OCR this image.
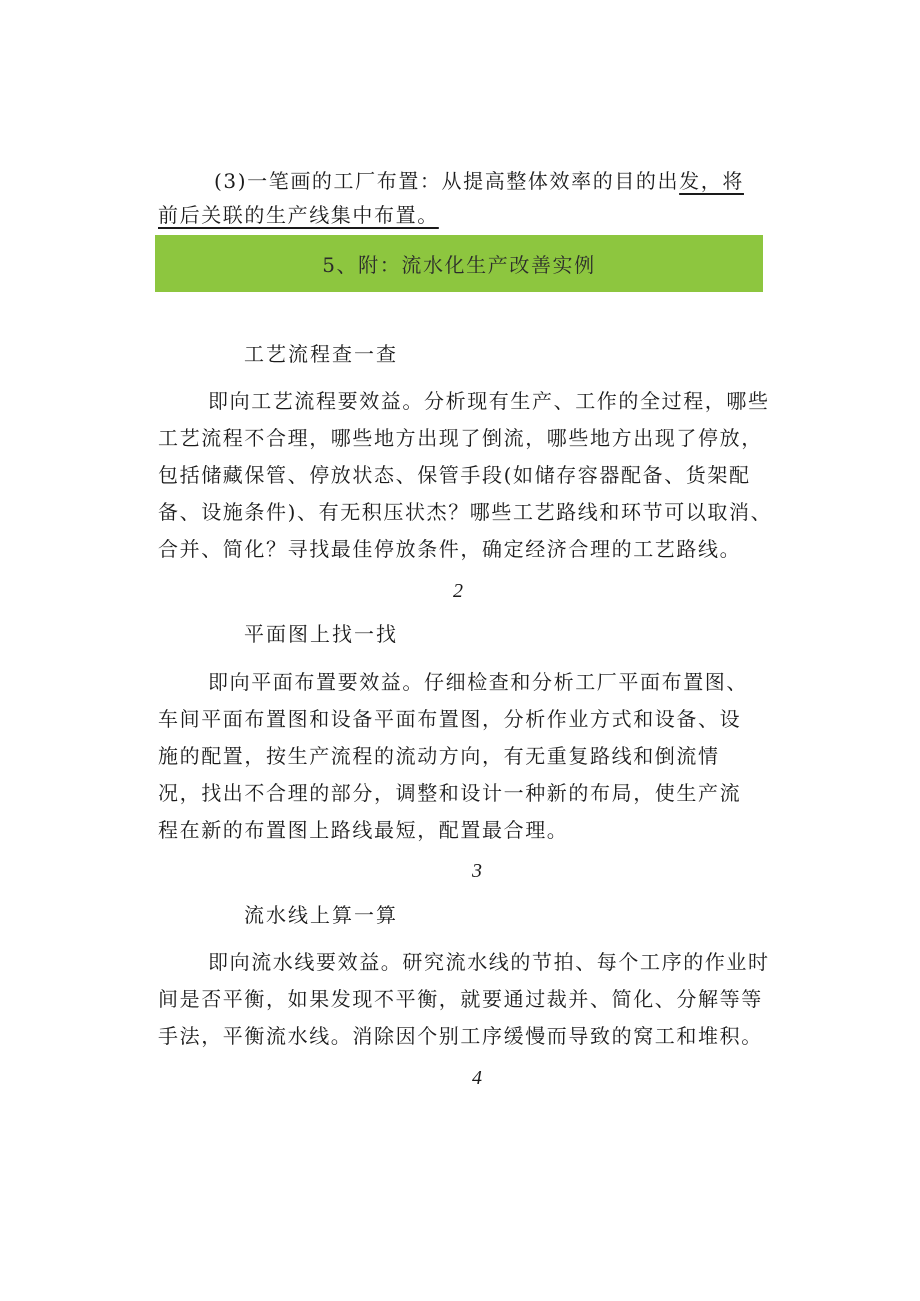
(3)一笔画的工厂布置：从提高整体效率的目的出发，将
前后关联的生产线集中布置。
5、附：流水化生产改善实例
工艺流程查一查
即向工艺流程要效益。分析现有生产、工作的全过程，哪些
工艺流程不合理，哪些地方出现了倒流，哪些地方出现了停放，
包括储藏保管、停放状态、保管手段(如储存容器配备、货架配
备、设施条件)、有无积压状杰？哪些工艺路线和环节可以取消、
合并、简化？寻找最佳停放条件，确定经济合理的工艺路线。
2
平面图上找一找
即向平面布置要效益。仔细检查和分析工厂平面布置图、
车间平面布置图和设备平面布置图，分析作业方式和设备、设
施的配置，按生产流程的流动方向，有无重复路线和倒流情
况，找出不合理的部分，调整和设计一种新的布局，使生产流
程在新的布置图上路线最短，配置最合理。
3
流水线上算一算
即向流水线要效益。研究流水线的节拍、每个工序的作业时
间是否平衡，如果发现不平衡，就要通过裁并、简化、分解等等
手法，平衡流水线。消除因个别工序缓慢而导致的窝工和堆积。
4
